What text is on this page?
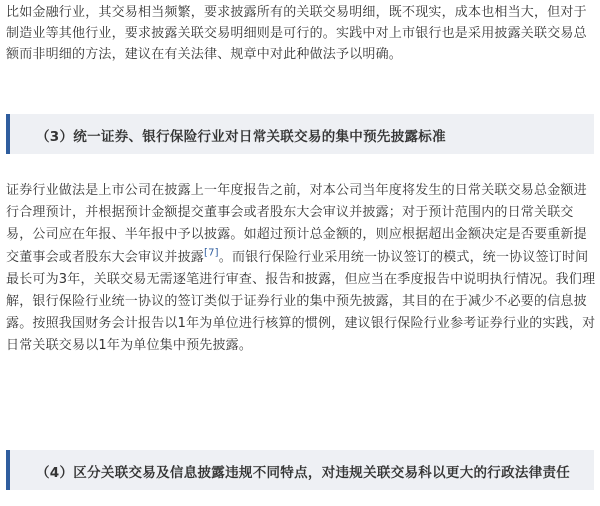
比如金融行业，其交易相当频繁，要求披露所有的关联交易明细，既不现实，成本也相当大，但对于制造业等其他行业，要求披露关联交易明细则是可行的。实践中对上市银行也是采用披露关联交易总额而非明细的方法，建议在有关法律、规章中对此种做法予以明确。

（3）统一证券、银行保险行业对日常关联交易的集中预先披露标准

证券行业做法是上市公司在披露上一年度报告之前，对本公司当年度将发生的日常关联交易总金额进行合理预计，并根据预计金额提交董事会或者股东大会审议并披露；对于预计范围内的日常关联交易，公司应在年报、半年报中予以披露。如超过预计总金额的，则应根据超出金额决定是否要重新提交董事会或者股东大会审议并披露[7]。而银行保险行业采用统一协议签订的模式，统一协议签订时间最长可为3年，关联交易无需逐笔进行审查、报告和披露，但应当在季度报告中说明执行情况。我们理解，银行保险行业统一协议的签订类似于证券行业的集中预先披露，其目的在于减少不必要的信息披露。按照我国财务会计报告以1年为单位进行核算的惯例，建议银行保险行业参考证券行业的实践，对日常关联交易以1年为单位集中预先披露。

（4）区分关联交易及信息披露违规不同特点，对违规关联交易科以更大的行政法律责任
